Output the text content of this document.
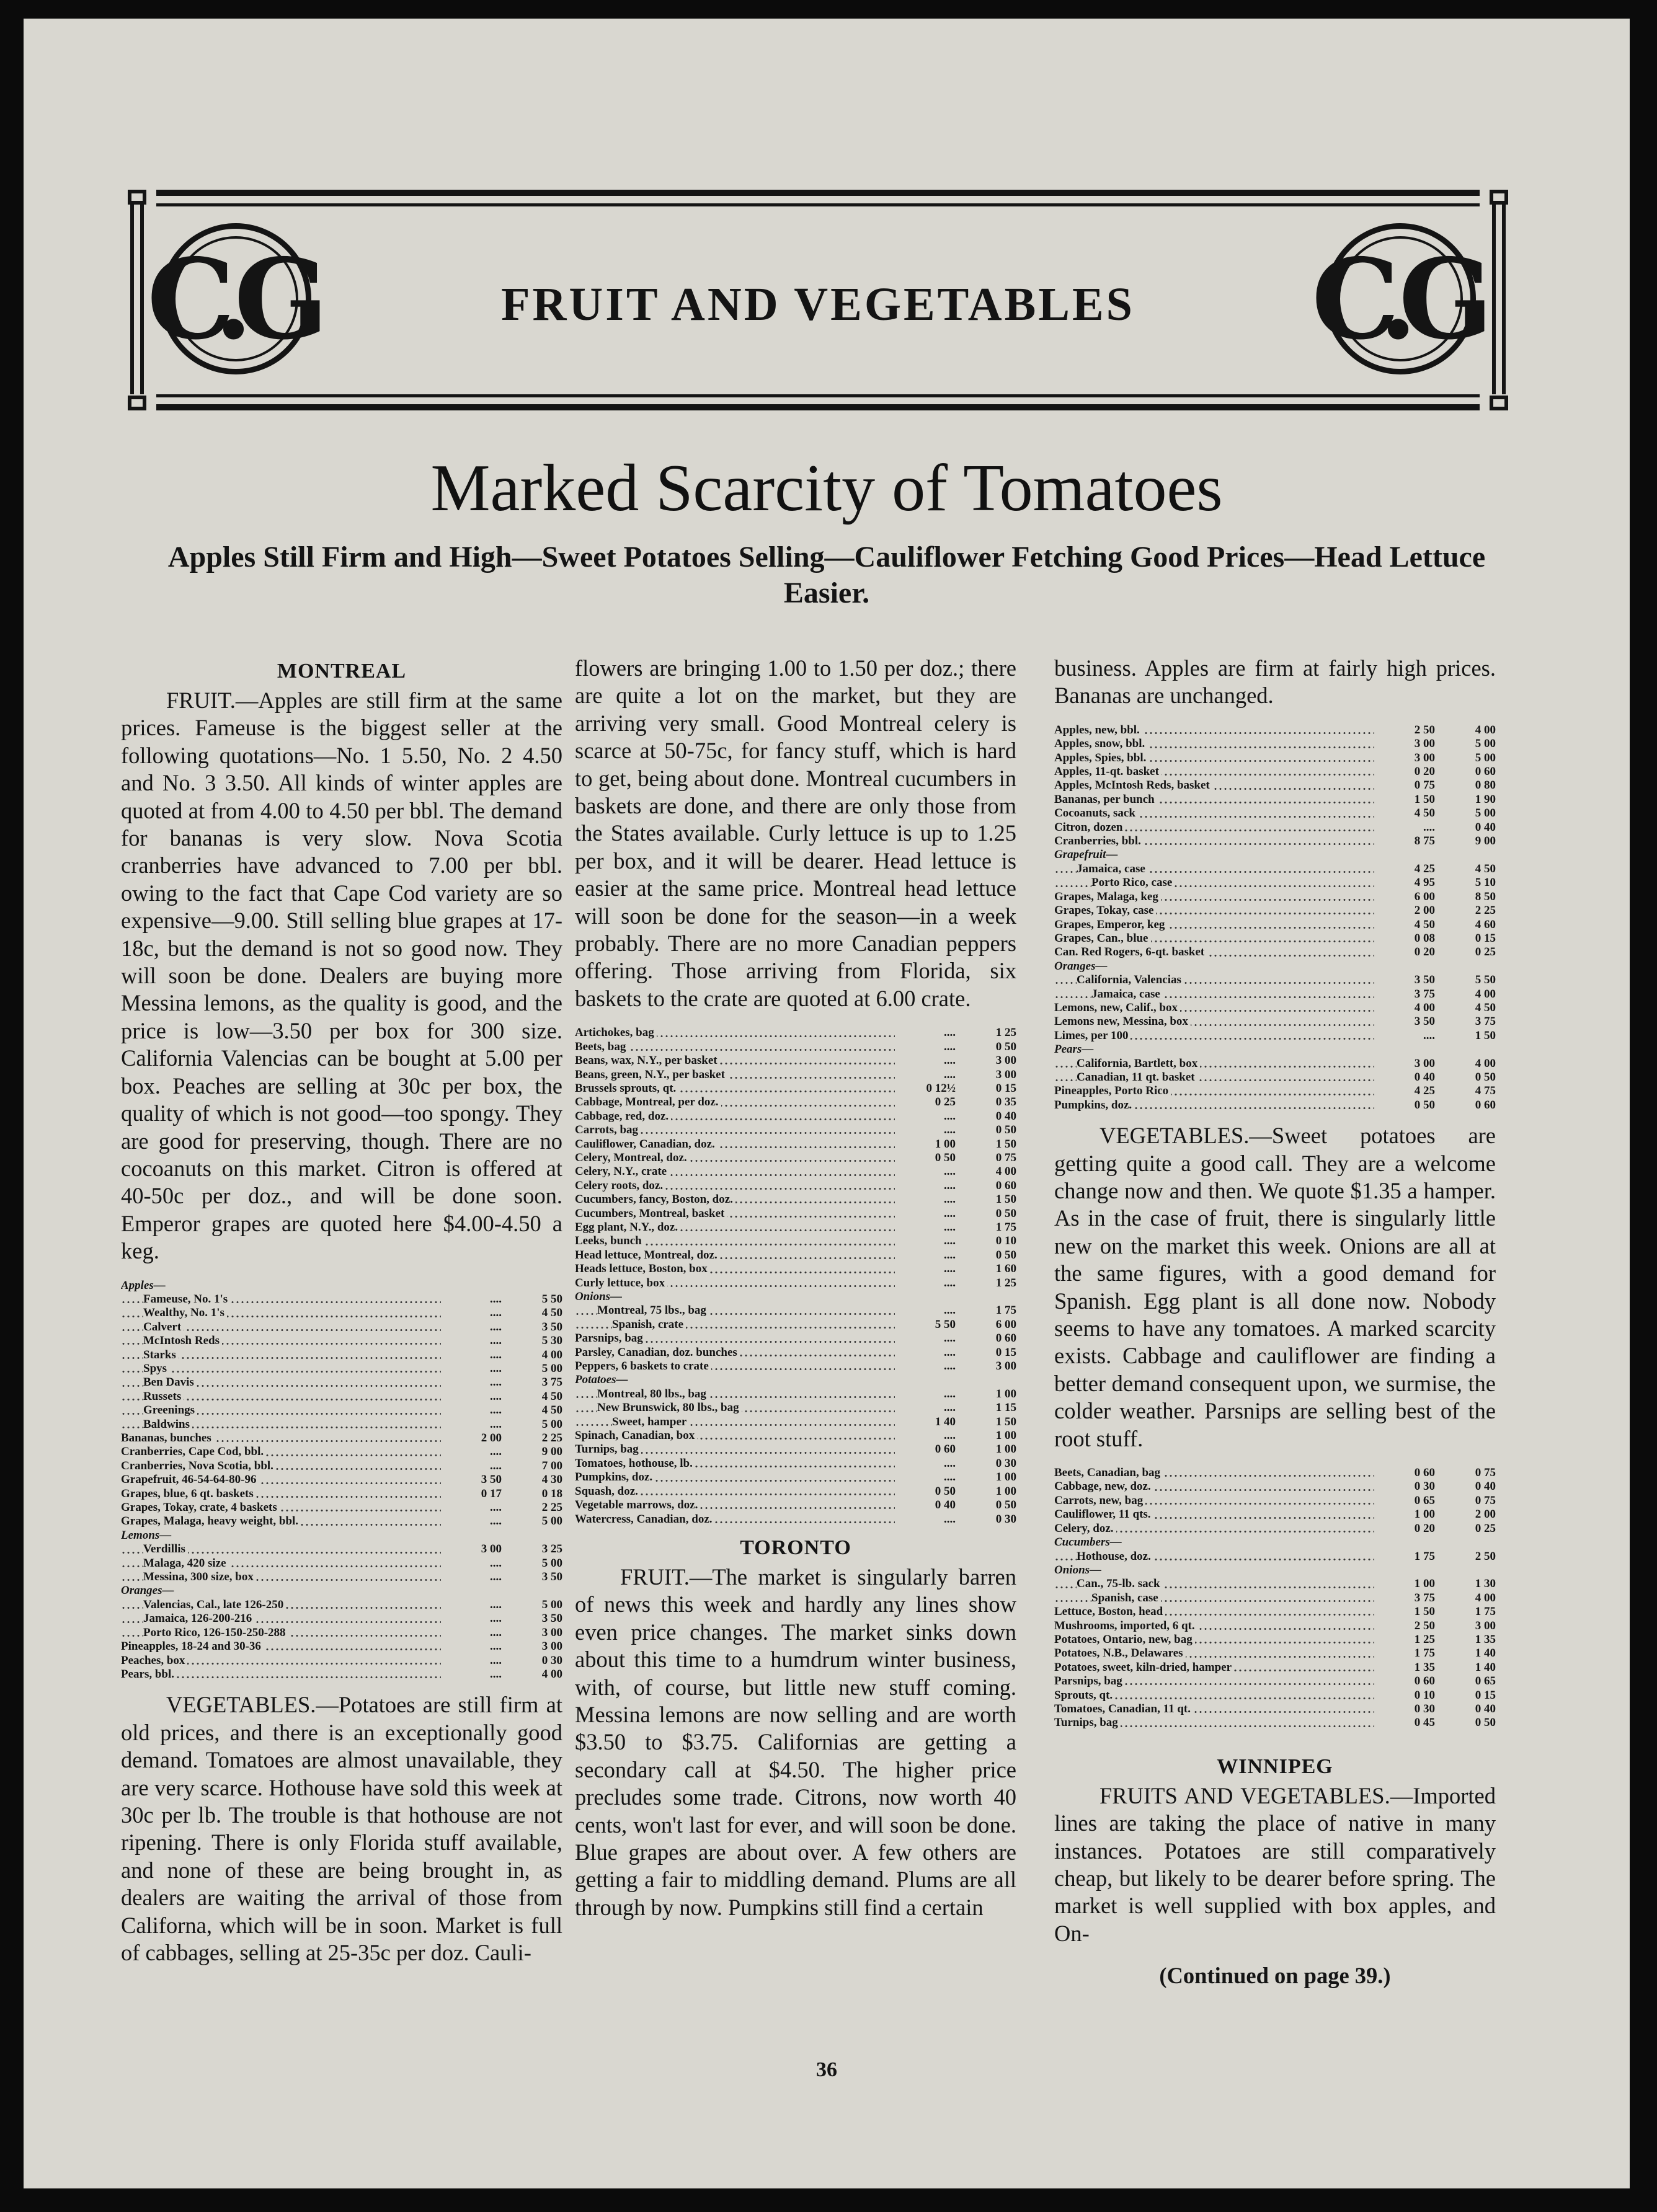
C.G	C.G
FRUIT AND VEGETABLES
Marked Scarcity of Tomatoes
Apples Still Firm and High—Sweet Potatoes Selling—Cauliflower Fetching Good Prices—Head Lettuce Easier.
MONTREAL

FRUIT.—Apples are still firm at the same prices. Fameuse is the biggest seller at the following quotations—No. 1 5.50, No. 2 4.50 and No. 3 3.50. All kinds of winter apples are quoted at from 4.00 to 4.50 per bbl. The demand for bananas is very slow. Nova Scotia cranberries have advanced to 7.00 per bbl. owing to the fact that Cape Cod variety are so expensive—9.00. Still selling blue grapes at 17-18c, but the demand is not so good now. They will soon be done. Dealers are buying more Messina lemons, as the quality is good, and the price is low—3.50 per box for 300 size. California Valencias can be bought at 5.00 per box. Peaches are selling at 30c per box, the quality of which is not good—too spongy. They are good for preserving, though. There are no cocoanuts on this market. Citron is offered at 40-50c per doz., and will be done soon. Emperor grapes are quoted here $4.00-4.50 a keg.

Apples—		
Fameuse, No. 1's	....	5 50
Wealthy, No. 1's	....	4 50
Calvert	....	3 50
McIntosh Reds	....	5 30
Starks	....	4 00
Spys	....	5 00
Ben Davis	....	3 75
Russets	....	4 50
Greenings	....	4 50
Baldwins	....	5 00
Bananas, bunches	2 00	2 25
Cranberries, Cape Cod, bbl.	....	9 00
Cranberries, Nova Scotia, bbl.	....	7 00
Grapefruit, 46-54-64-80-96	3 50	4 30
Grapes, blue, 6 qt. baskets	0 17	0 18
Grapes, Tokay, crate, 4 baskets	....	2 25
Grapes, Malaga, heavy weight, bbl.	....	5 00
Lemons—		
Verdillis	3 00	3 25
Malaga, 420 size	....	5 00
Messina, 300 size, box	....	3 50
Oranges—		
Valencias, Cal., late 126-250	....	5 00
Jamaica, 126-200-216	....	3 50
Porto Rico, 126-150-250-288	....	3 00
Pineapples, 18-24 and 30-36	....	3 00
Peaches, box	....	0 30
Pears, bbl.	....	4 00

VEGETABLES.—Potatoes are still firm at old prices, and there is an exceptionally good demand. Tomatoes are almost unavailable, they are very scarce. Hothouse have sold this week at 30c per lb. The trouble is that hothouse are not ripening. There is only Florida stuff available, and none of these are being brought in, as dealers are waiting the arrival of those from Californa, which will be in soon. Market is full of cabbages, selling at 25-35c per doz. Cauli-

flowers are bringing 1.00 to 1.50 per doz.; there are quite a lot on the market, but they are arriving very small. Good Montreal celery is scarce at 50-75c, for fancy stuff, which is hard to get, being about done. Montreal cucumbers in baskets are done, and there are only those from the States available. Curly lettuce is up to 1.25 per box, and it will be dearer. Head lettuce is easier at the same price. Montreal head lettuce will soon be done for the season—in a week probably. There are no more Canadian peppers offering. Those arriving from Florida, six baskets to the crate are quoted at 6.00 crate.

Artichokes, bag	....	1 25
Beets, bag	....	0 50
Beans, wax, N.Y., per basket	....	3 00
Beans, green, N.Y., per basket	....	3 00
Brussels sprouts, qt.	0 12½	0 15
Cabbage, Montreal, per doz.	0 25	0 35
Cabbage, red, doz.	....	0 40
Carrots, bag	....	0 50
Cauliflower, Canadian, doz.	1 00	1 50
Celery, Montreal, doz.	0 50	0 75
Celery, N.Y., crate	....	4 00
Celery roots, doz.	....	0 60
Cucumbers, fancy, Boston, doz.	....	1 50
Cucumbers, Montreal, basket	....	0 50
Egg plant, N.Y., doz.	....	1 75
Leeks, bunch	....	0 10
Head lettuce, Montreal, doz.	....	0 50
Heads lettuce, Boston, box	....	1 60
Curly lettuce, box	....	1 25
Onions—		
Montreal, 75 lbs., bag	....	1 75
Spanish, crate	5 50	6 00
Parsnips, bag	....	0 60
Parsley, Canadian, doz. bunches	....	0 15
Peppers, 6 baskets to crate	....	3 00
Potatoes—		
Montreal, 80 lbs., bag	....	1 00
New Brunswick, 80 lbs., bag	....	1 15
Sweet, hamper	1 40	1 50
Spinach, Canadian, box	....	1 00
Turnips, bag	0 60	1 00
Tomatoes, hothouse, lb.	....	0 30
Pumpkins, doz.	....	1 00
Squash, doz.	0 50	1 00
Vegetable marrows, doz.	0 40	0 50
Watercress, Canadian, doz.	....	0 30
TORONTO

FRUIT.—The market is singularly barren of news this week and hardly any lines show even price changes. The market sinks down about this time to a humdrum winter business, with, of course, but little new stuff coming. Messina lemons are now selling and are worth $3.50 to $3.75. Californias are getting a secondary call at $4.50. The higher price precludes some trade. Citrons, now worth 40 cents, won't last for ever, and will soon be done. Blue grapes are about over. A few others are getting a fair to middling demand. Plums are all through by now. Pumpkins still find a certain

business. Apples are firm at fairly high prices. Bananas are unchanged.

Apples, new, bbl.	2 50	4 00
Apples, snow, bbl.	3 00	5 00
Apples, Spies, bbl.	3 00	5 00
Apples, 11-qt. basket	0 20	0 60
Apples, McIntosh Reds, basket	0 75	0 80
Bananas, per bunch	1 50	1 90
Cocoanuts, sack	4 50	5 00
Citron, dozen	....	0 40
Cranberries, bbl.	8 75	9 00
Grapefruit—		
Jamaica, case	4 25	4 50
Porto Rico, case	4 95	5 10
Grapes, Malaga, keg	6 00	8 50
Grapes, Tokay, case	2 00	2 25
Grapes, Emperor, keg	4 50	4 60
Grapes, Can., blue	0 08	0 15
Can. Red Rogers, 6-qt. basket	0 20	0 25
Oranges—		
California, Valencias	3 50	5 50
Jamaica, case	3 75	4 00
Lemons, new, Calif., box	4 00	4 50
Lemons new, Messina, box	3 50	3 75
Limes, per 100	....	1 50
Pears—		
California, Bartlett, box	3 00	4 00
Canadian, 11 qt. basket	0 40	0 50
Pineapples, Porto Rico	4 25	4 75
Pumpkins, doz.	0 50	0 60

VEGETABLES.—Sweet potatoes are getting quite a good call. They are a welcome change now and then. We quote $1.35 a hamper. As in the case of fruit, there is singularly little new on the market this week. Onions are all at the same figures, with a good demand for Spanish. Egg plant is all done now. Nobody seems to have any tomatoes. A marked scarcity exists. Cabbage and cauliflower are finding a better demand consequent upon, we surmise, the colder weather. Parsnips are selling best of the root stuff.

Beets, Canadian, bag	0 60	0 75
Cabbage, new, doz.	0 30	0 40
Carrots, new, bag	0 65	0 75
Cauliflower, 11 qts.	1 00	2 00
Celery, doz.	0 20	0 25
Cucumbers—		
Hothouse, doz.	1 75	2 50
Onions—		
Can., 75-lb. sack	1 00	1 30
Spanish, case	3 75	4 00
Lettuce, Boston, head	1 50	1 75
Mushrooms, imported, 6 qt.	2 50	3 00
Potatoes, Ontario, new, bag	1 25	1 35
Potatoes, N.B., Delawares	1 75	1 40
Potatoes, sweet, kiln-dried, hamper	1 35	1 40
Parsnips, bag	0 60	0 65
Sprouts, qt.	0 10	0 15
Tomatoes, Canadian, 11 qt.	0 30	0 40
Turnips, bag	0 45	0 50
WINNIPEG

FRUITS AND VEGETABLES.—Imported lines are taking the place of native in many instances. Potatoes are still comparatively cheap, but likely to be dearer before spring. The market is well supplied with box apples, and On-

(Continued on page 39.)

36
